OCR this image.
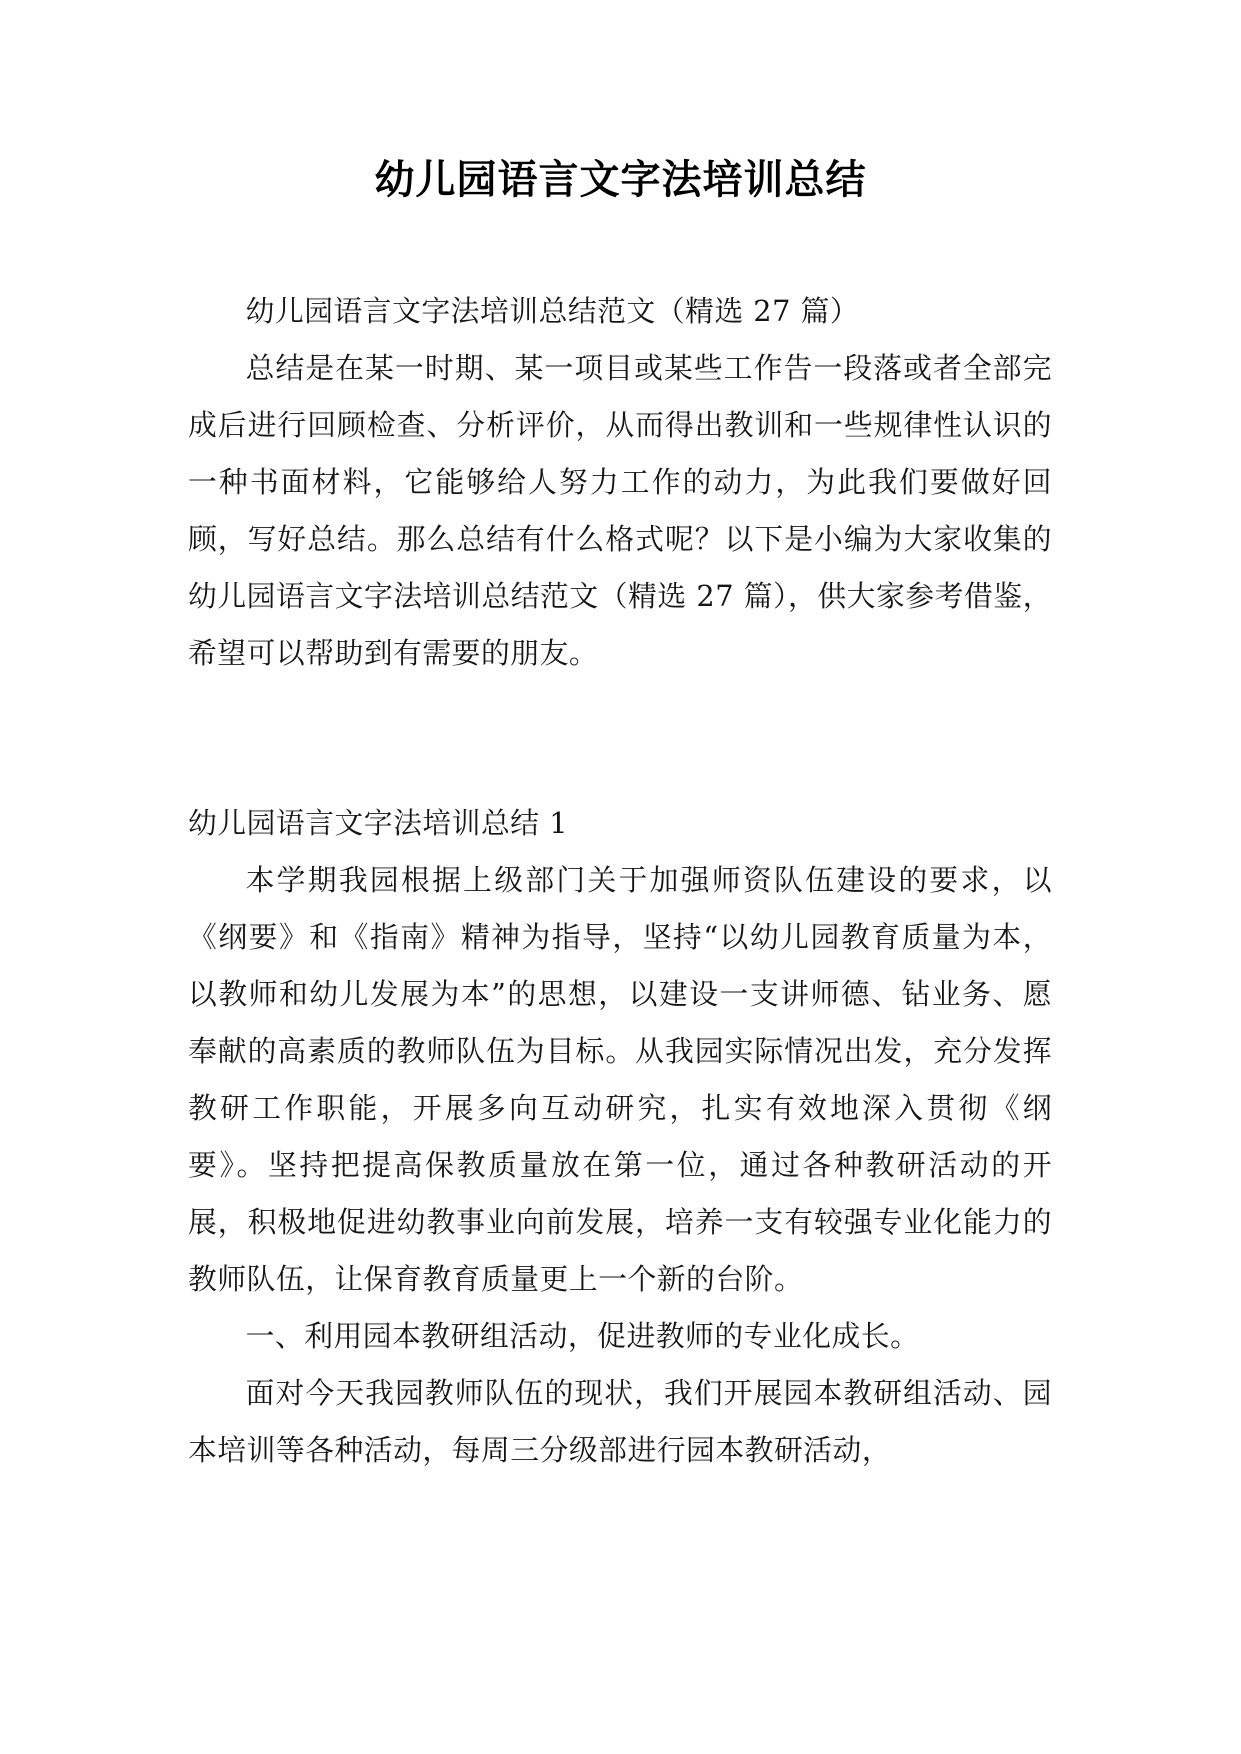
幼儿园语言文字法培训总结

幼儿园语言文字法培训总结范文（精选 27 篇）

总结是在某一时期、某一项目或某些工作告一段落或者全部完成后进行回顾检查、分析评价，从而得出教训和一些规律性认识的一种书面材料，它能够给人努力工作的动力，为此我们要做好回顾，写好总结。那么总结有什么格式呢？以下是小编为大家收集的幼儿园语言文字法培训总结范文（精选 27 篇），供大家参考借鉴，希望可以帮助到有需要的朋友。

幼儿园语言文字法培训总结 1

本学期我园根据上级部门关于加强师资队伍建设的要求，以《纲要》和《指南》精神为指导，坚持“以幼儿园教育质量为本，以教师和幼儿发展为本”的思想，以建设一支讲师德、钻业务、愿奉献的高素质的教师队伍为目标。从我园实际情况出发，充分发挥教研工作职能，开展多向互动研究，扎实有效地深入贯彻《纲要》。坚持把提高保教质量放在第一位，通过各种教研活动的开展，积极地促进幼教事业向前发展，培养一支有较强专业化能力的教师队伍，让保育教育质量更上一个新的台阶。

一、利用园本教研组活动，促进教师的专业化成长。

面对今天我园教师队伍的现状，我们开展园本教研组活动、园本培训等各种活动，每周三分级部进行园本教研活动，
